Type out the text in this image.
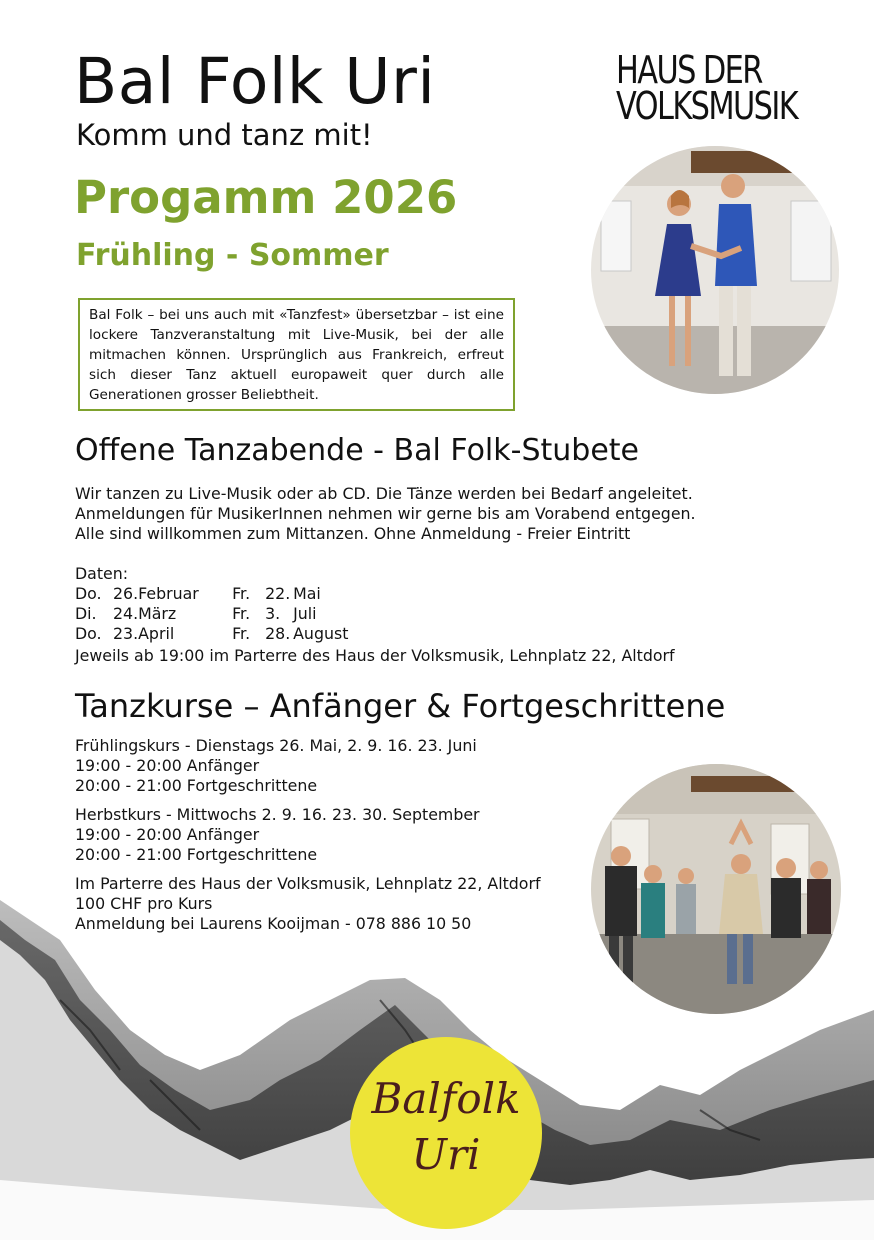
Bal Folk Uri
Komm und tanz mit!
Progamm 2026
Frühling - Sommer
HAUS DER
VOLKSMUSIK
Bal Folk – bei uns auch mit «Tanzfest» übersetzbar – ist eine lockere Tanzveranstaltung mit Live-Musik, bei der alle mitmachen können. Ursprünglich aus Frankreich, erfreut sich dieser Tanz aktuell europaweit quer durch alle Generationen grosser Beliebtheit.
Offene Tanzabende - Bal Folk-Stubete
Wir tanzen zu Live-Musik oder ab CD. Die Tänze werden bei Bedarf angeleitet.
Anmeldungen für MusikerInnen nehmen wir gerne bis am Vorabend entgegen.
Alle sind willkommen zum Mittanzen. Ohne Anmeldung - Freier Eintritt
Daten:
Do.	26.	Februar	Fr.	22.	Mai
Di.	24.	März	Fr.	3.	Juli
Do.	23.	April	Fr.	28.	August
Jeweils ab 19:00 im Parterre des Haus der Volksmusik, Lehnplatz 22, Altdorf
Tanzkurse – Anfänger & Fortgeschrittene
Frühlingskurs - Dienstags 26. Mai, 2. 9. 16. 23. Juni
19:00 - 20:00 Anfänger
20:00 - 21:00 Fortgeschrittene
Herbstkurs - Mittwochs 2. 9. 16. 23. 30. September
19:00 - 20:00 Anfänger
20:00 - 21:00 Fortgeschrittene
Im Parterre des Haus der Volksmusik, Lehnplatz 22, Altdorf
100 CHF pro Kurs
Anmeldung bei Laurens Kooijman - 078 886 10 50
Balfolk
Uri
